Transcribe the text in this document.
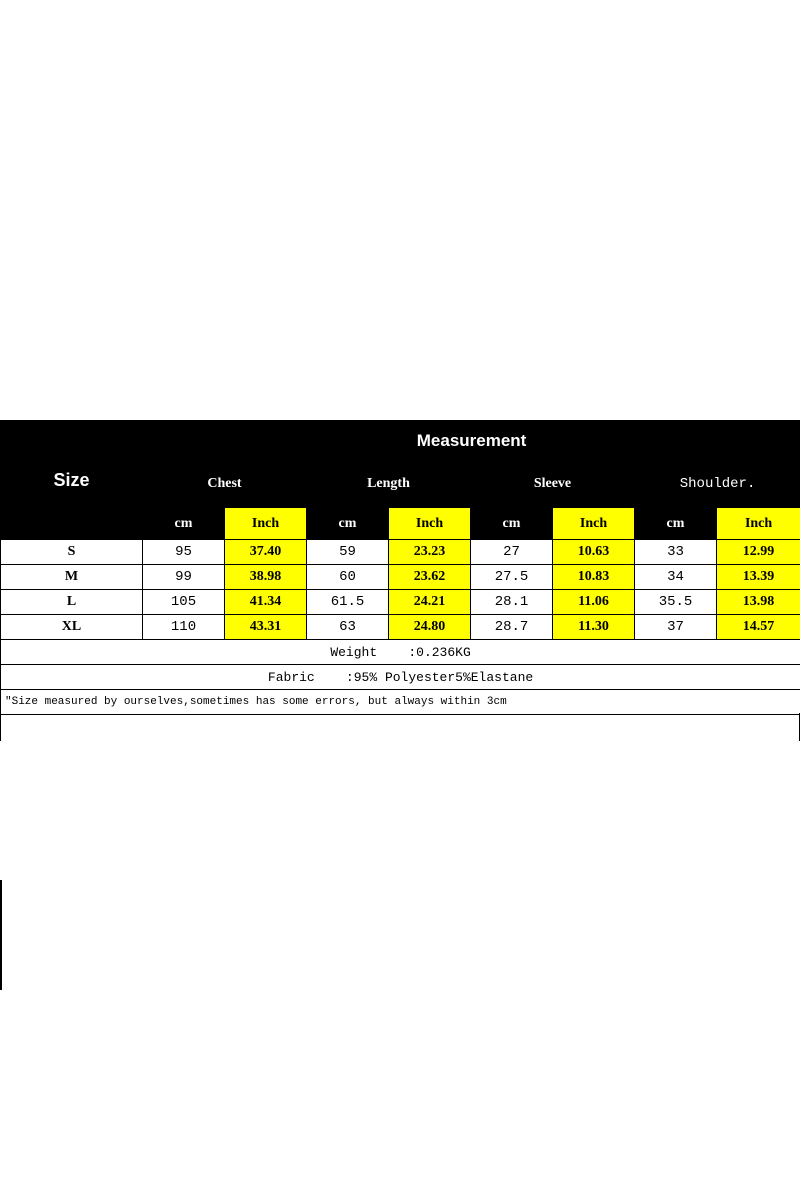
Size	Measurement							
	Chest		Length		Sleeve		Shoulder.	
	cm	Inch	cm	Inch	cm	Inch	cm	Inch
S	95	37.40	59	23.23	27	10.63	33	12.99
M	99	38.98	60	23.62	27.5	10.83	34	13.39
L	105	41.34	61.5	24.21	28.1	11.06	35.5	13.98
XL	110	43.31	63	24.80	28.7	11.30	37	14.57
Weight    :0.236KG								
Fabric    :95% Polyester5%Elastane								
"Size measured by ourselves,sometimes has some errors, but always within 3cm								
